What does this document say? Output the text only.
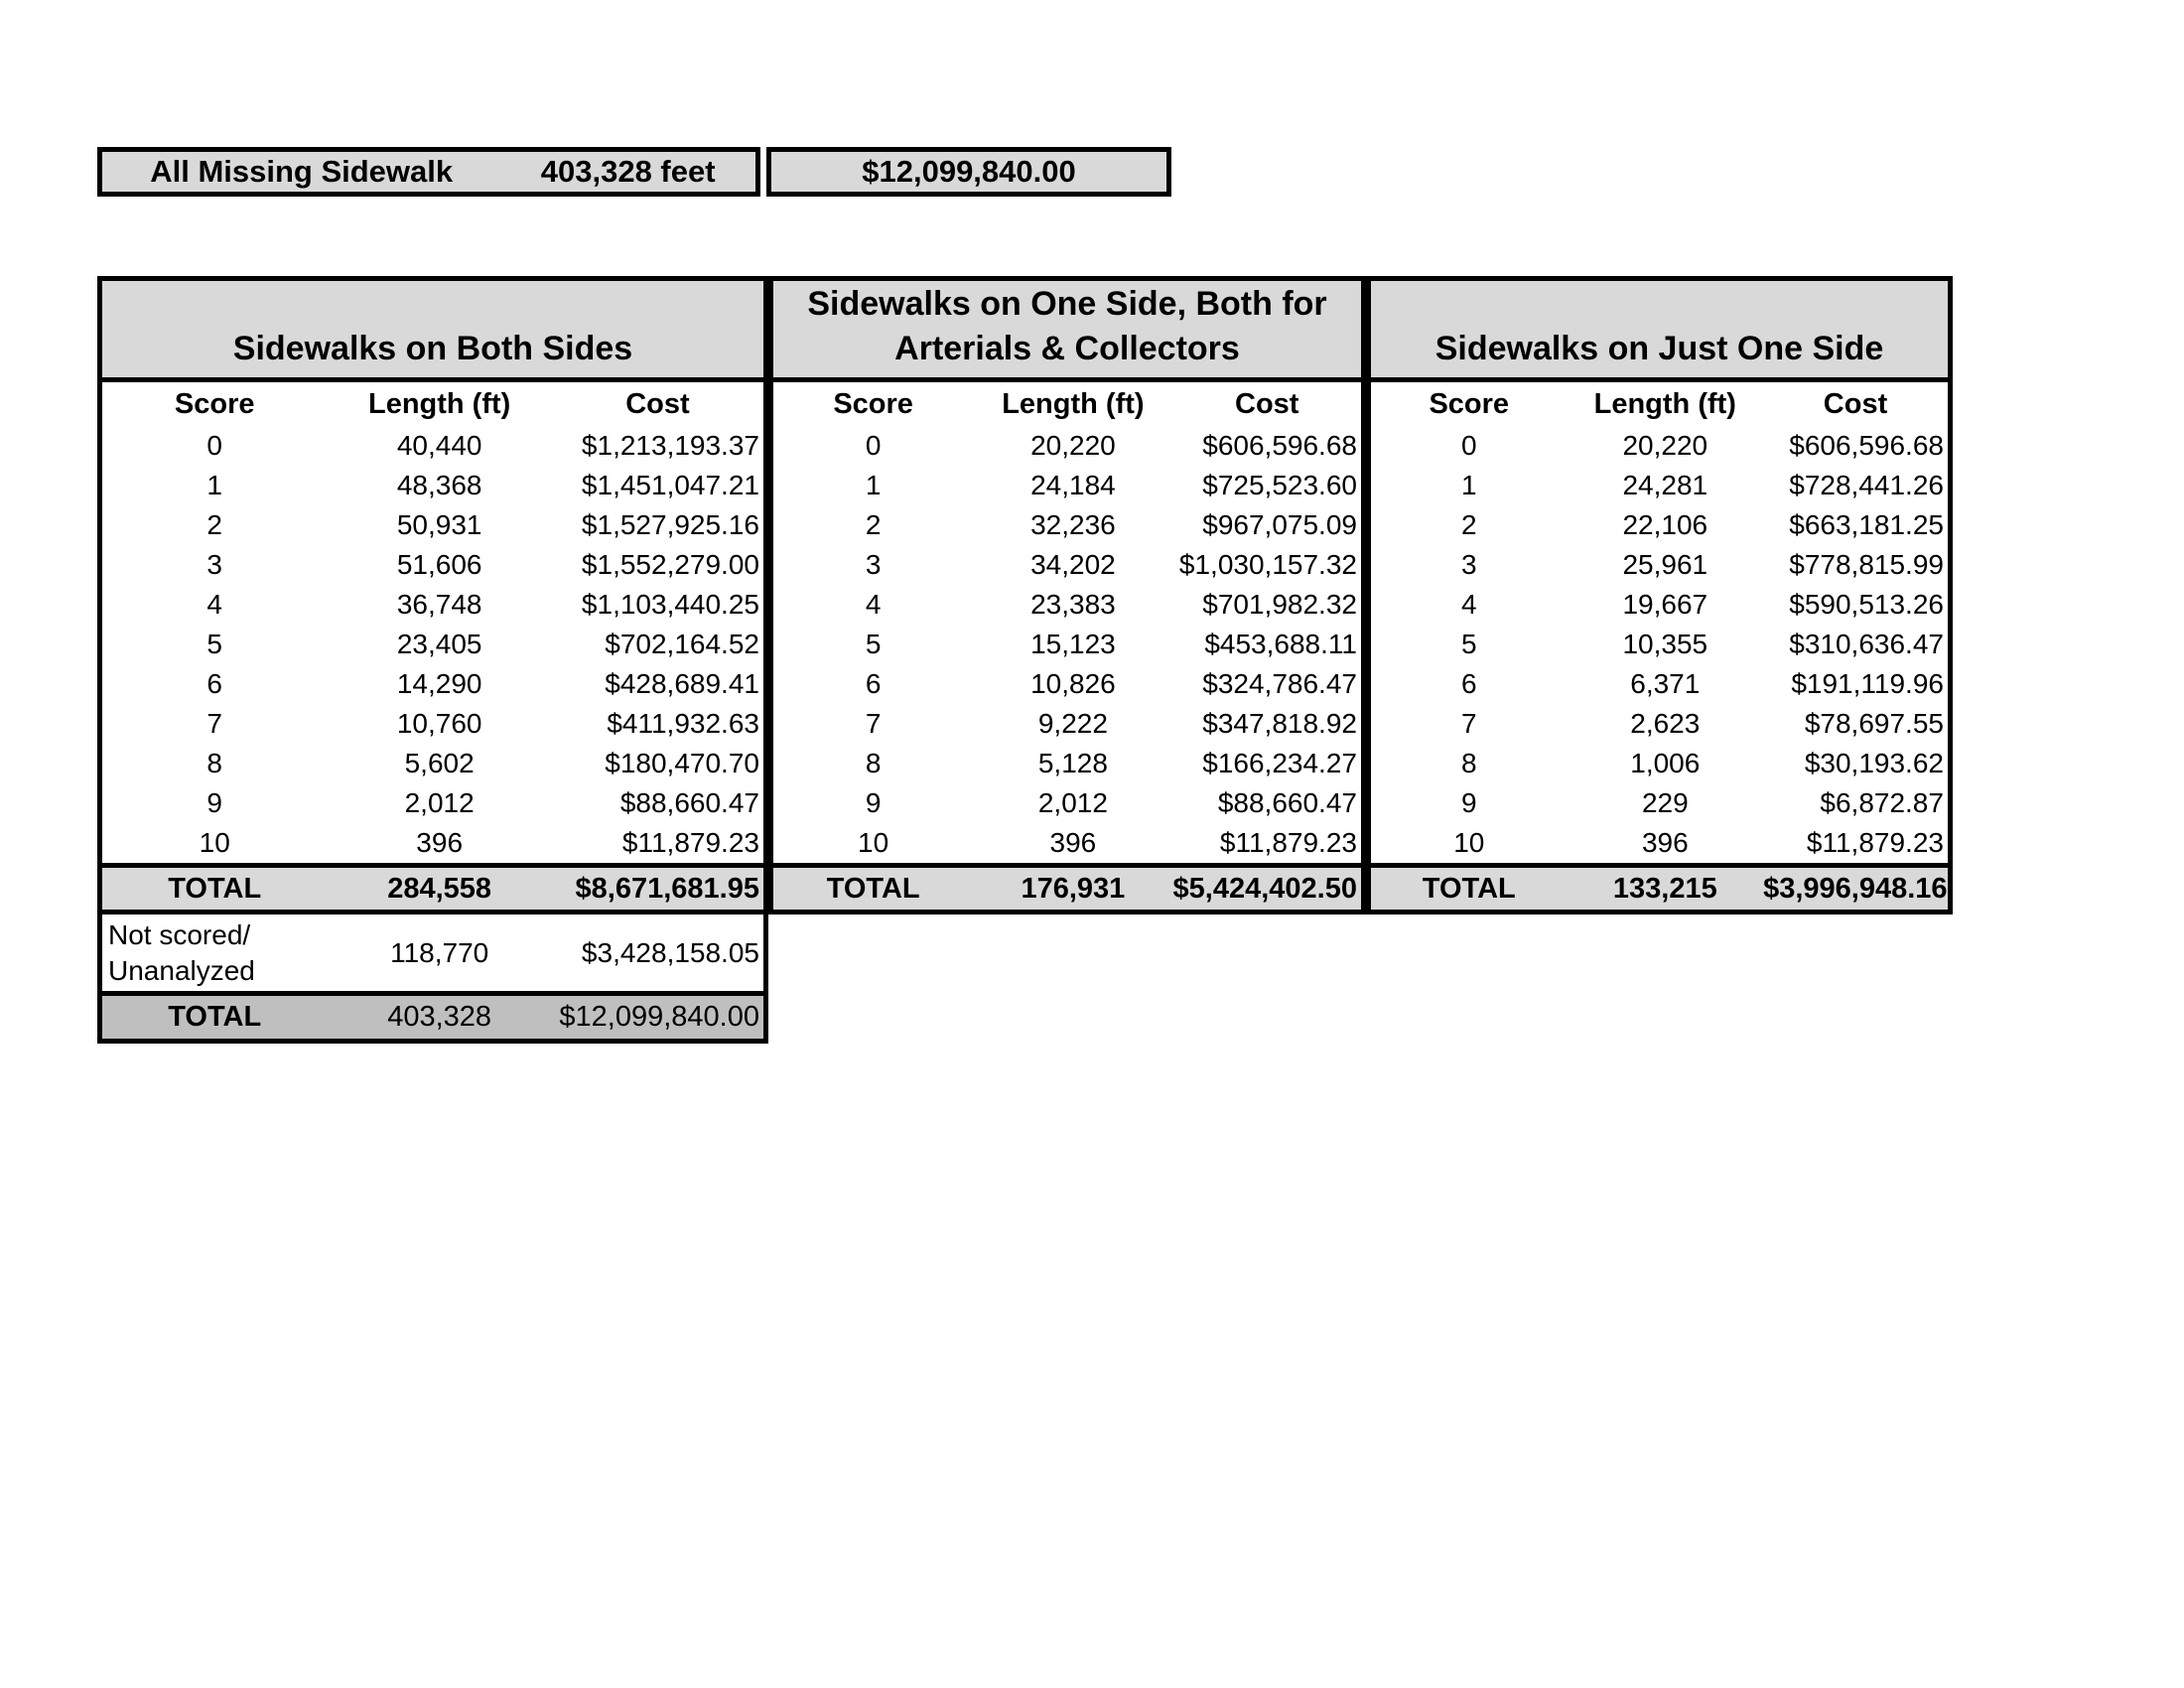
All Missing Sidewalk	403,328 feet	$12,099,840.00
Sidewalks on Both Sides
Score	Length (ft)	Cost
0	40,440	$1,213,193.37
1	48,368	$1,451,047.21
2	50,931	$1,527,925.16
3	51,606	$1,552,279.00
4	36,748	$1,103,440.25
5	23,405	$702,164.52
6	14,290	$428,689.41
7	10,760	$411,932.63
8	5,602	$180,470.70
9	2,012	$88,660.47
10	396	$11,879.23
TOTAL	284,558	$8,671,681.95
Not scored/
Unanalyzed
118,770	$3,428,158.05
TOTAL	403,328	$12,099,840.00
Sidewalks on One Side, Both for
Arterials & Collectors
Score	Length (ft)	Cost
0	20,220	$606,596.68
1	24,184	$725,523.60
2	32,236	$967,075.09
3	34,202	$1,030,157.32
4	23,383	$701,982.32
5	15,123	$453,688.11
6	10,826	$324,786.47
7	9,222	$347,818.92
8	5,128	$166,234.27
9	2,012	$88,660.47
10	396	$11,879.23
TOTAL	176,931	$5,424,402.50
Sidewalks on Just One Side
Score	Length (ft)	Cost
0	20,220	$606,596.68
1	24,281	$728,441.26
2	22,106	$663,181.25
3	25,961	$778,815.99
4	19,667	$590,513.26
5	10,355	$310,636.47
6	6,371	$191,119.96
7	2,623	$78,697.55
8	1,006	$30,193.62
9	229	$6,872.87
10	396	$11,879.23
TOTAL	133,215	$3,996,948.16
